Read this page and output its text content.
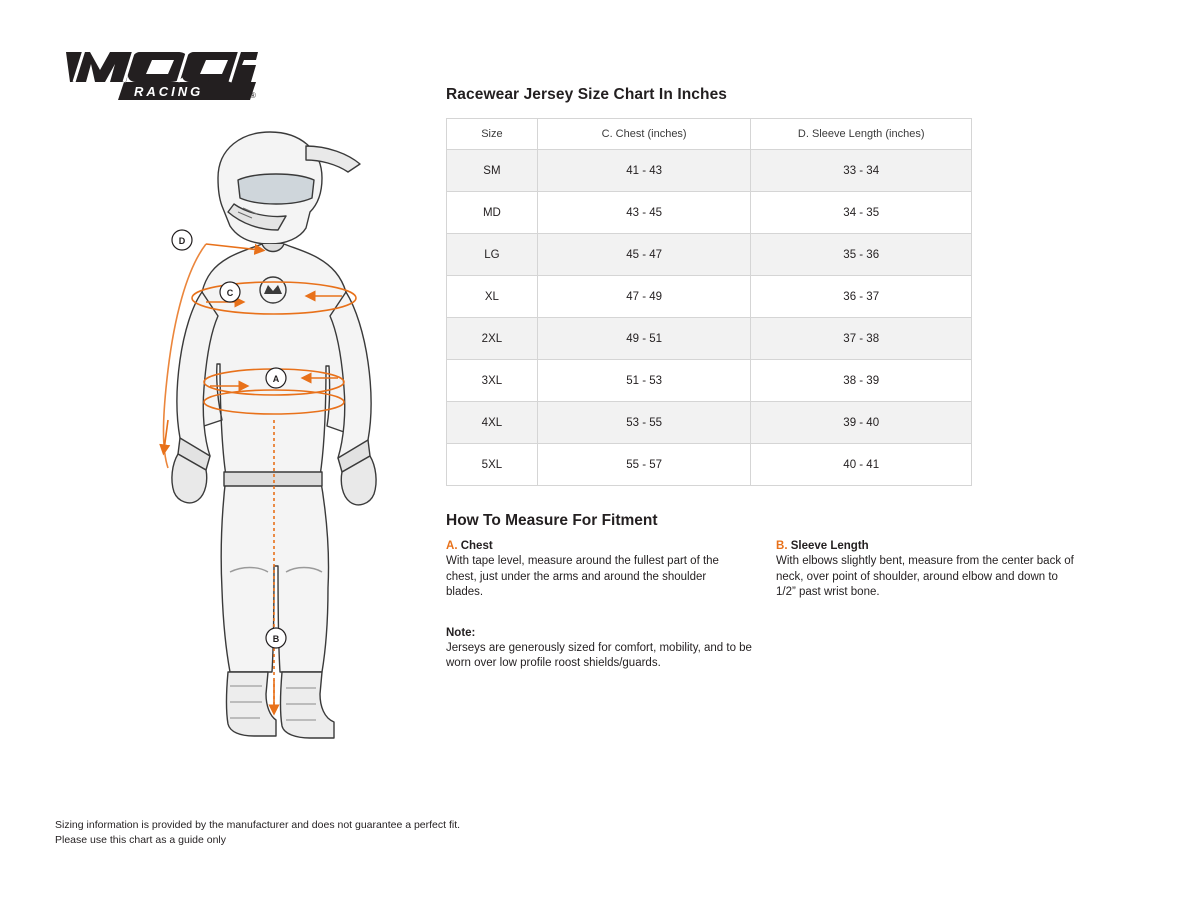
RACING	®
D
C
A
B
Racewear Jersey Size Chart In Inches
Size	C. Chest (inches)	D. Sleeve Length (inches)
SM	41 - 43	33 - 34
MD	43 - 45	34 - 35
LG	45 - 47	35 - 36
XL	47 - 49	36 - 37
2XL	49 - 51	37 - 38
3XL	51 - 53	38 - 39
4XL	53 - 55	39 - 40
5XL	55 - 57	40 - 41
How To Measure For Fitment

A. Chest

With tape level, measure around the fullest part of the chest, just under the arms and around the shoulder blades.

B. Sleeve Length

With elbows slightly bent, measure from the center back of neck, over point of shoulder, around elbow and down to 1/2” past wrist bone.

Note:

Jerseys are generously sized for comfort, mobility, and to be worn over low profile roost shields/guards.

Sizing information is provided by the manufacturer and does not guarantee a perfect fit.

Please use this chart as a guide only
